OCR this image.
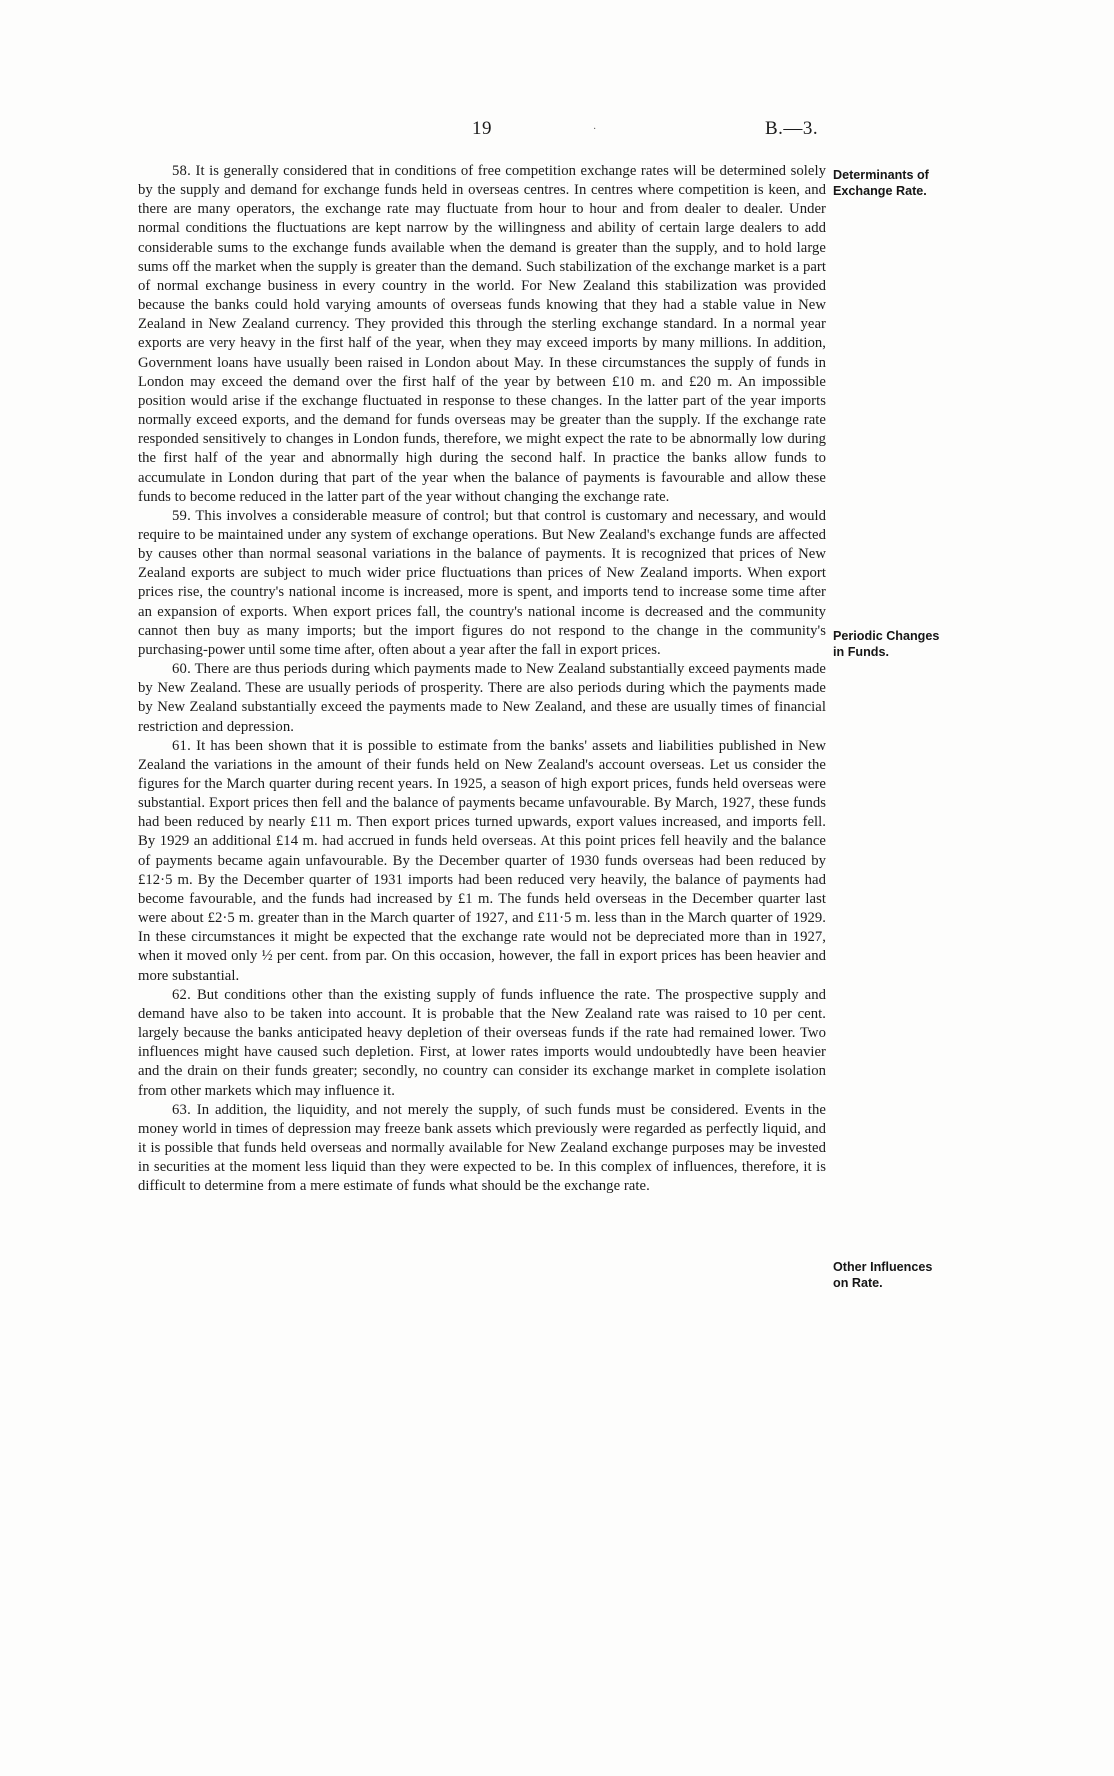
19	·	B.—3.
Determinants of
Exchange Rate.
Periodic Changes
in Funds.
Other Influences
on Rate.

58. It is generally considered that in conditions of free competition exchange rates will be determined solely by the supply and demand for exchange funds held in overseas centres. In centres where competition is keen, and there are many operators, the exchange rate may fluctuate from hour to hour and from dealer to dealer. Under normal conditions the fluctuations are kept narrow by the willingness and ability of certain large dealers to add considerable sums to the exchange funds available when the demand is greater than the supply, and to hold large sums off the market when the supply is greater than the demand. Such stabilization of the exchange market is a part of normal exchange business in every country in the world. For New Zealand this stabilization was provided because the banks could hold varying amounts of overseas funds knowing that they had a stable value in New Zealand in New Zealand currency. They provided this through the sterling exchange standard. In a normal year exports are very heavy in the first half of the year, when they may exceed imports by many millions. In addition, Government loans have usually been raised in London about May. In these circumstances the supply of funds in London may exceed the demand over the first half of the year by between £10 m. and £20 m. An impossible position would arise if the exchange fluctuated in response to these changes. In the latter part of the year imports normally exceed exports, and the demand for funds overseas may be greater than the supply. If the exchange rate responded sensitively to changes in London funds, therefore, we might expect the rate to be abnormally low during the first half of the year and abnormally high during the second half. In practice the banks allow funds to accumulate in London during that part of the year when the balance of payments is favourable and allow these funds to become reduced in the latter part of the year without changing the exchange rate.

59. This involves a considerable measure of control; but that control is customary and necessary, and would require to be maintained under any system of exchange operations. But New Zealand's exchange funds are affected by causes other than normal seasonal variations in the balance of payments. It is recognized that prices of New Zealand exports are subject to much wider price fluctuations than prices of New Zealand imports. When export prices rise, the country's national income is increased, more is spent, and imports tend to increase some time after an expansion of exports. When export prices fall, the country's national income is decreased and the community cannot then buy as many imports; but the import figures do not respond to the change in the community's purchasing-power until some time after, often about a year after the fall in export prices.

60. There are thus periods during which payments made to New Zealand substantially exceed payments made by New Zealand. These are usually periods of prosperity. There are also periods during which the payments made by New Zealand substantially exceed the payments made to New Zealand, and these are usually times of financial restriction and depression.

61. It has been shown that it is possible to estimate from the banks' assets and liabilities published in New Zealand the variations in the amount of their funds held on New Zealand's account overseas. Let us consider the figures for the March quarter during recent years. In 1925, a season of high export prices, funds held overseas were substantial. Export prices then fell and the balance of payments became unfavourable. By March, 1927, these funds had been reduced by nearly £11 m. Then export prices turned upwards, export values increased, and imports fell. By 1929 an additional £14 m. had accrued in funds held overseas. At this point prices fell heavily and the balance of payments became again unfavourable. By the December quarter of 1930 funds overseas had been reduced by £12·5 m. By the December quarter of 1931 imports had been reduced very heavily, the balance of payments had become favourable, and the funds had increased by £1 m. The funds held overseas in the December quarter last were about £2·5 m. greater than in the March quarter of 1927, and £11·5 m. less than in the March quarter of 1929. In these circumstances it might be expected that the exchange rate would not be depreciated more than in 1927, when it moved only ½ per cent. from par. On this occasion, however, the fall in export prices has been heavier and more substantial.

62. But conditions other than the existing supply of funds influence the rate. The prospective supply and demand have also to be taken into account. It is probable that the New Zealand rate was raised to 10 per cent. largely because the banks anticipated heavy depletion of their overseas funds if the rate had remained lower. Two influences might have caused such depletion. First, at lower rates imports would undoubtedly have been heavier and the drain on their funds greater; secondly, no country can consider its exchange market in complete isolation from other markets which may influence it.

63. In addition, the liquidity, and not merely the supply, of such funds must be considered. Events in the money world in times of depression may freeze bank assets which previously were regarded as perfectly liquid, and it is possible that funds held overseas and normally available for New Zealand exchange purposes may be invested in securities at the moment less liquid than they were expected to be. In this complex of influences, therefore, it is difficult to determine from a mere estimate of funds what should be the exchange rate.
